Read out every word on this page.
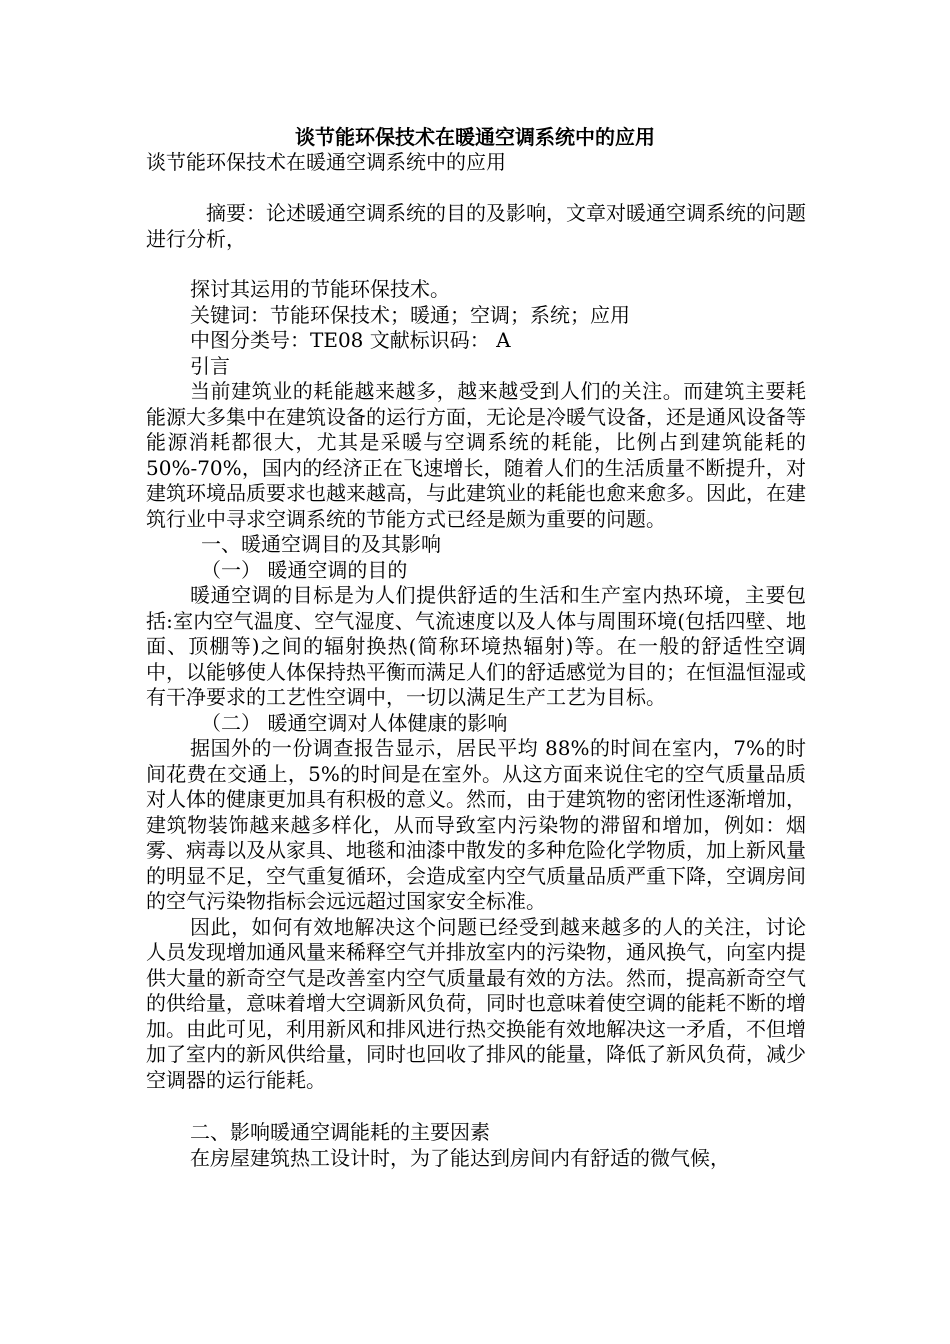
谈节能环保技术在暖通空调系统中的应用

谈节能环保技术在暖通空调系统中的应用

摘要：论述暖通空调系统的目的及影响，文章对暖通空调系统的问题进行分析，

探讨其运用的节能环保技术。

关键词：节能环保技术；暖通；空调；系统；应用

中图分类号：TE08 文献标识码： A

引言

当前建筑业的耗能越来越多，越来越受到人们的关注。而建筑主要耗能源大多集中在建筑设备的运行方面，无论是冷暖气设备，还是通风设备等能源消耗都很大，尤其是采暖与空调系统的耗能，比例占到建筑能耗的50%-70%，国内的经济正在飞速增长，随着人们的生活质量不断提升，对建筑环境品质要求也越来越高，与此建筑业的耗能也愈来愈多。因此，在建筑行业中寻求空调系统的节能方式已经是颇为重要的问题。

一、暖通空调目的及其影响

（一） 暖通空调的目的

暖通空调的目标是为人们提供舒适的生活和生产室内热环境，主要包括:室内空气温度、空气湿度、气流速度以及人体与周围环境(包括四壁、地面、顶棚等)之间的辐射换热(简称环境热辐射)等。在一般的舒适性空调中，以能够使人体保持热平衡而满足人们的舒适感觉为目的；在恒温恒湿或有干净要求的工艺性空调中，一切以满足生产工艺为目标。

（二） 暖通空调对人体健康的影响

据国外的一份调查报告显示，居民平均 88%的时间在室内，7%的时间花费在交通上，5%的时间是在室外。从这方面来说住宅的空气质量品质对人体的健康更加具有积极的意义。然而，由于建筑物的密闭性逐渐增加，建筑物装饰越来越多样化，从而导致室内污染物的滞留和增加，例如：烟雾、病毒以及从家具、地毯和油漆中散发的多种危险化学物质，加上新风量的明显不足，空气重复循环，会造成室内空气质量品质严重下降，空调房间的空气污染物指标会远远超过国家安全标准。

因此，如何有效地解决这个问题已经受到越来越多的人的关注，讨论人员发现增加通风量来稀释空气并排放室内的污染物，通风换气，向室内提供大量的新奇空气是改善室内空气质量最有效的方法。然而，提高新奇空气的供给量，意味着增大空调新风负荷，同时也意味着使空调的能耗不断的增加。由此可见，利用新风和排风进行热交换能有效地解决这一矛盾，不但增加了室内的新风供给量，同时也回收了排风的能量，降低了新风负荷，减少空调器的运行能耗。

二、影响暖通空调能耗的主要因素

在房屋建筑热工设计时，为了能达到房间内有舒适的微气候，
